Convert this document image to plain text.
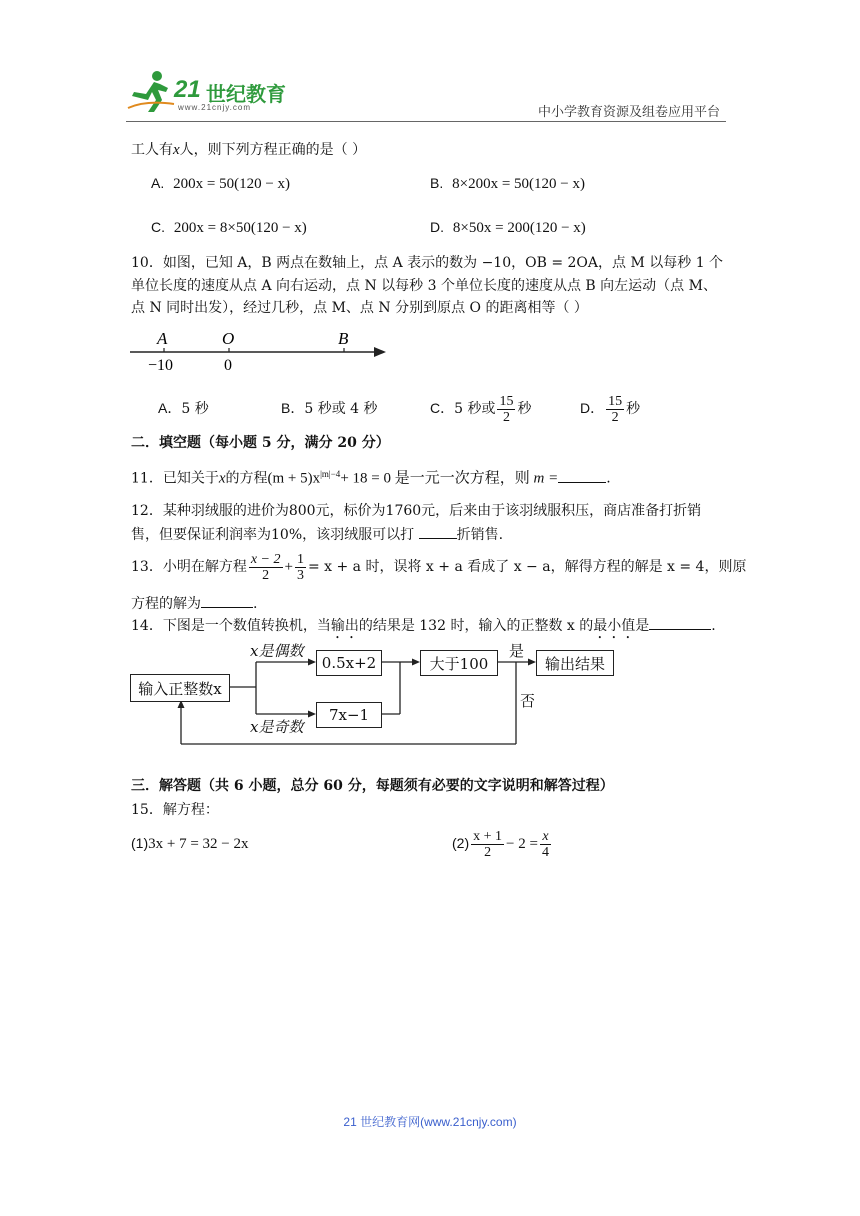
21 世纪教育
www.21cnjy.com	中小学教育资源及组卷应用平台
工人有x人，则下列方程正确的是（ ）
A. 200x = 50(120 − x)	B. 8×200x = 50(120 − x)
C. 200x = 8×50(120 − x)	D. 8×50x = 200(120 − x)
10．如图，已知 A，B 两点在数轴上，点 A 表示的数为 −10，OB = 2OA，点 M 以每秒 1 个
单位长度的速度从点 A 向右运动，点 N 以每秒 3 个单位长度的速度从点 B 向左运动（点 M、
点 N 同时出发），经过几秒，点 M、点 N 分别到原点 O 的距离相等（ ）
A	O	B
−10	0
A．5 秒	B．5 秒或 4 秒	C．5 秒或 $\frac{15}{2}$ 秒	D． $\frac{15}{2}$ 秒
二．填空题（每小题 5 分，满分 20 分）
11．已知关于x的方程$(m + 5)x^{|m|-4}+ 18 = 0$ 是一元一次方程，则 m =	.
12．某种羽绒服的进价为800元，标价为1760元，后来由于该羽绒服积压，商店准备打折销
售，但要保证利润率为10%，该羽绒服可以打	折销售.
13．小明在解方程 $\frac{x - 2}{2} + \frac{1}{3} = x + a$ 时，误将 x + a 看成了 x − a，解得方程的解是 x = 4，则原
方程的解为	.
14．下图是一个数值转换机，当输出的结果是 132 时，输入的正整数 x 的最小值是	.
输入正整数x
0.5x+2
7x−1
大于100	输出结果
x是偶数
x是奇数
是
否
三．解答题（共 6 小题，总分 60 分，每题须有必要的文字说明和解答过程）
15．解方程：
(1)3x + 7 = 32 − 2x	$(2) \frac{x + 1}{2} - 2 = \frac{x}{4}$
21 世纪教育网(www.21cnjy.com)
